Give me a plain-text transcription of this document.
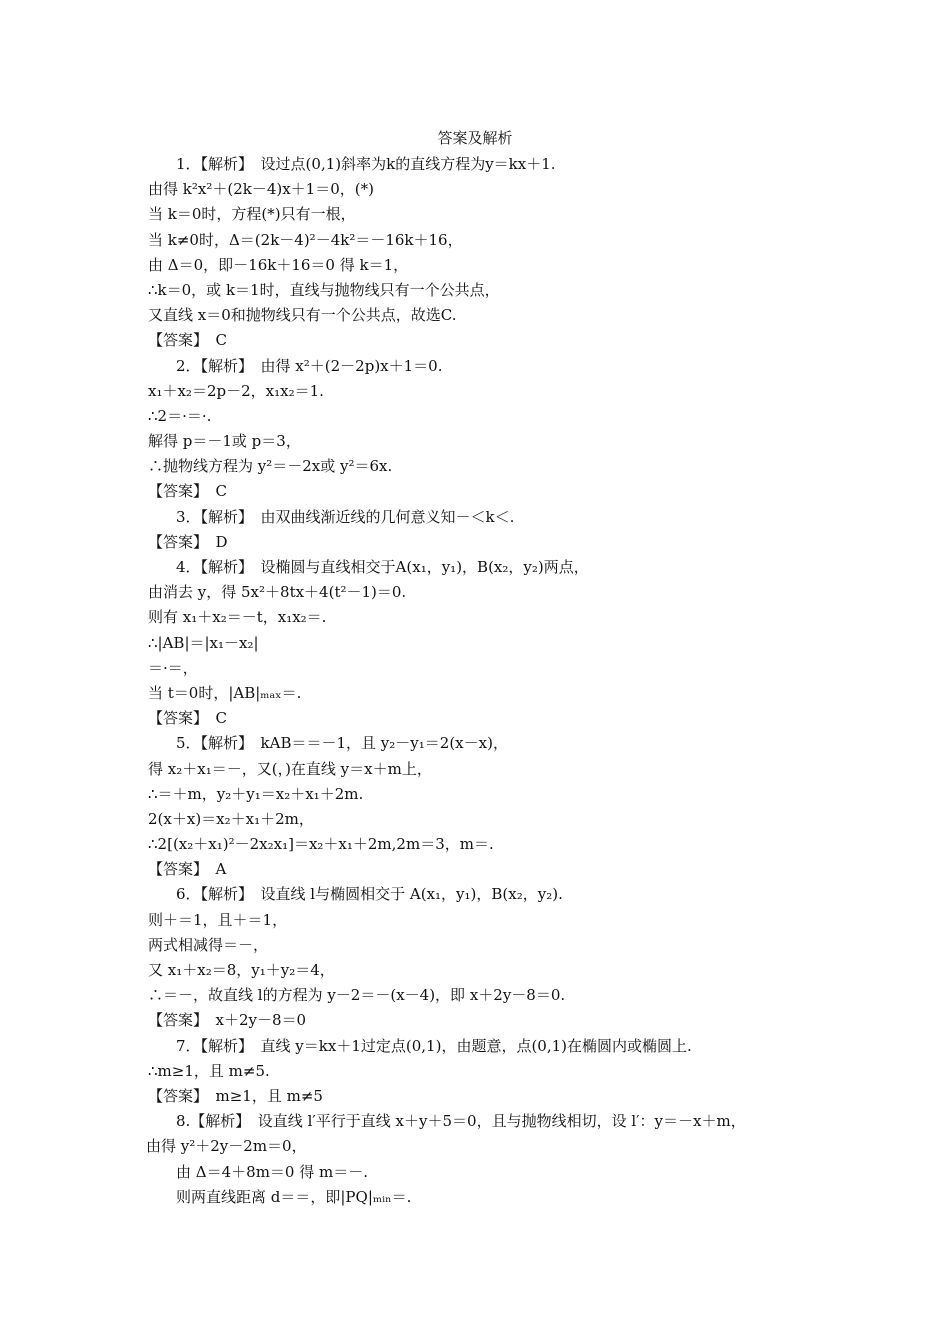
答案及解析
1．【解析】　设过点(0,1)斜率为k的直线方程为y＝kx＋1.
由得 k²x²＋(2k－4)x＋1＝0，(*)
当 k＝0时，方程(*)只有一根，
当 k≠0时，Δ＝(2k－4)²－4k²＝－16k＋16，
由 Δ＝0，即－16k＋16＝0 得 k＝1，
∴k＝0，或 k＝1时，直线与抛物线只有一个公共点，
又直线 x＝0和抛物线只有一个公共点，故选C.
【答案】　C
2．【解析】　由得 x²＋(2－2p)x＋1＝0.
x₁＋x₂＝2p－2，x₁x₂＝1.
∴2＝·＝·.
解得 p＝－1或 p＝3，
∴抛物线方程为 y²＝－2x或 y²＝6x.
【答案】　C
3．【解析】　由双曲线渐近线的几何意义知－＜k＜.
【答案】　D
4．【解析】　设椭圆与直线相交于A(x₁，y₁)，B(x₂，y₂)两点，
由消去 y，得 5x²＋8tx＋4(t²－1)＝0.
则有 x₁＋x₂＝－t，x₁x₂＝.
∴|AB|＝|x₁－x₂|
＝·＝，
当 t＝0时，|AB|ₘₐₓ＝.
【答案】　C
5．【解析】　kAB＝＝－1，且 y₂－y₁＝2(x－x)，
得 x₂＋x₁＝－，又(，)在直线 y＝x＋m上，
∴＝＋m，y₂＋y₁＝x₂＋x₁＋2m.
2(x＋x)＝x₂＋x₁＋2m，
∴2[(x₂＋x₁)²－2x₂x₁]＝x₂＋x₁＋2m,2m＝3，m＝.
【答案】　A
6．【解析】　设直线 l与椭圆相交于 A(x₁，y₁)，B(x₂，y₂).
则＋＝1，且＋＝1，
两式相减得＝－，
又 x₁＋x₂＝8，y₁＋y₂＝4，
∴＝－，故直线 l的方程为 y－2＝－(x－4)，即 x＋2y－8＝0.
【答案】　x＋2y－8＝0
7．【解析】　直线 y＝kx＋1过定点(0,1)，由题意，点(0,1)在椭圆内或椭圆上.
∴m≥1，且 m≠5.
【答案】　m≥1，且 m≠5
8.【解析】　设直线 l′平行于直线 x＋y＋5＝0，且与抛物线相切，设 l′：y＝－x＋m，
由得 y²＋2y－2m＝0，
由 Δ＝4＋8m＝0 得 m＝－.
则两直线距离 d＝＝，即|PQ|ₘᵢₙ＝.
